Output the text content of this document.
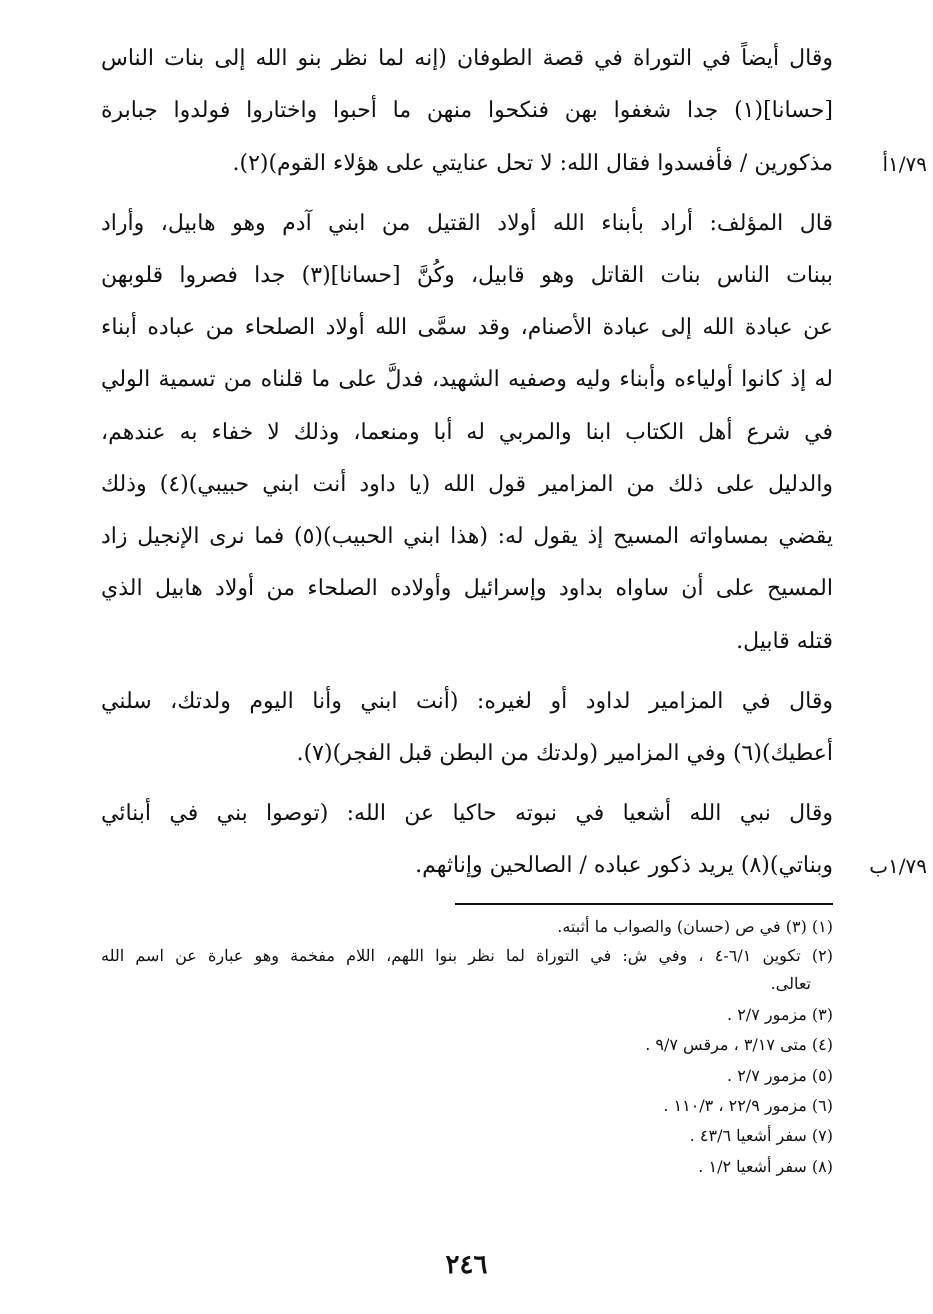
وقال أيضاً في التوراة في قصة الطوفان (إنه لما نظر بنو الله إلى بنات الناس
[حسانا](١) جدا شغفوا بهن فنكحوا منهن ما أحبوا واختاروا فولدوا جبابرة
مذكورين / فأفسدوا فقال الله: لا تحل عنايتي على هؤلاء القوم)(٢).	١/٧٩أ
قال المؤلف: أراد بأبناء الله أولاد القتيل من ابني آدم وهو هابيل، وأراد
ببنات الناس بنات القاتل وهو قابيل، وكُنَّ [حسانا](٣) جدا فصروا قلوبهن
عن عبادة الله إلى عبادة الأصنام، وقد سمَّى الله أولاد الصلحاء من عباده أبناء
له إذ كانوا أولياءه وأبناء وليه وصفيه الشهيد، فدلَّ على ما قلناه من تسمية الولي
في شرع أهل الكتاب ابنا والمربي له أبا ومنعما، وذلك لا خفاء به عندهم،
والدليل على ذلك من المزامير قول الله (يا داود أنت ابني حبيبي)(٤) وذلك
يقضي بمساواته المسيح إذ يقول له: (هذا ابني الحبيب)(٥) فما نرى الإنجيل زاد
المسيح على أن ساواه بداود وإسرائيل وأولاده الصلحاء من أولاد هابيل الذي
قتله قابيل.
وقال في المزامير لداود أو لغيره: (أنت ابني وأنا اليوم ولدتك، سلني
أعطيك)(٦) وفي المزامير (ولدتك من البطن قبل الفجر)(٧).
وقال نبي الله أشعيا في نبوته حاكيا عن الله: (توصوا بني في أبنائي
وبناتي)(٨) يريد ذكور عباده / الصالحين وإناثهم.	١/٧٩ب
(١) (٣) في ص (حسان) والصواب ما أثبته.
(٢) تكوين ٦/١-٤ ، وفي ش: في التوراة لما نظر بنوا اللهم، اللام مفخمة وهو عبارة عن اسم الله
تعالى.
(٣) مزمور ٢/٧ .
(٤) متى ٣/١٧ ، مرقس ٩/٧ .
(٥) مزمور ٢/٧ .
(٦) مزمور ٢٢/٩ ، ١١٠/٣ .
(٧) سفر أشعيا ٤٣/٦ .
(٨) سفر أشعيا ١/٢ .
٢٤٦
